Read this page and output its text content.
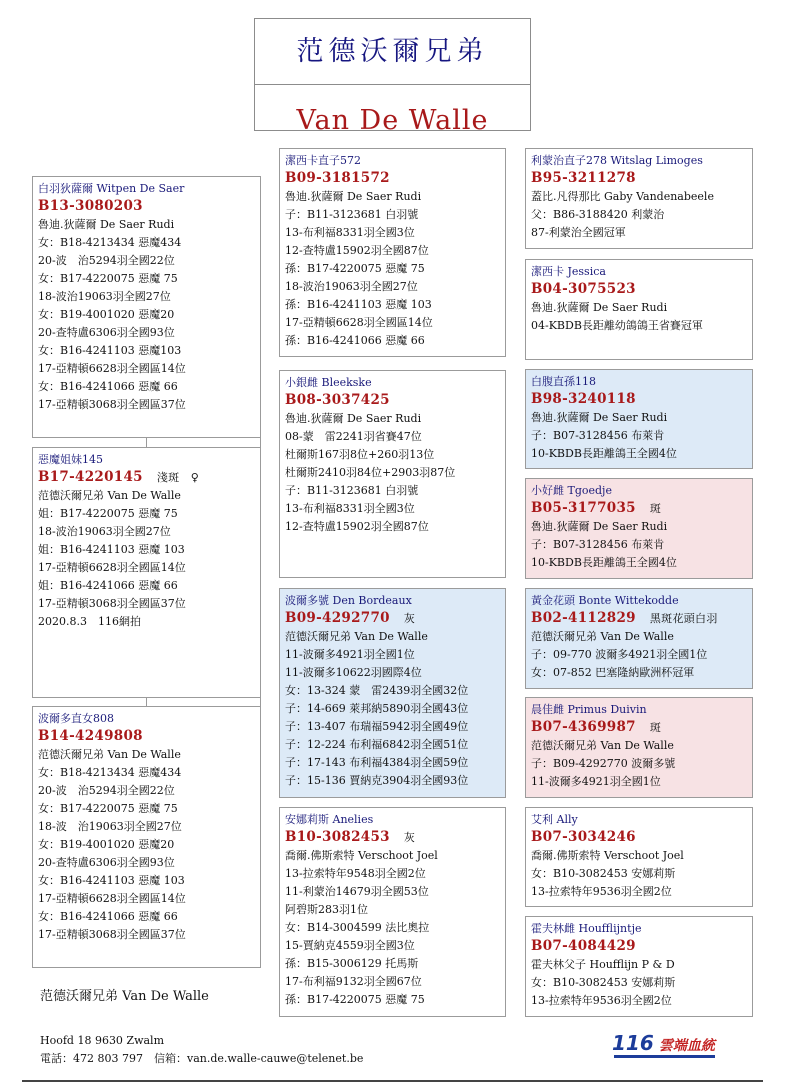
范德沃爾兄弟
Van De Walle
白羽狄薩爾 Witpen De Saer
B13-3080203
魯迪.狄薩爾 De Saer Rudi
女：B18-4213434 惡魔434
20-波　治5294羽全國22位
女：B17-4220075 惡魔 75
18-波治19063羽全國27位
女：B19-4001020 惡魔20
20-查特盧6306羽全國93位
女：B16-4241103 惡魔103
17-亞精頓6628羽全國區14位
女：B16-4241066 惡魔 66
17-亞精頓3068羽全國區37位
惡魔姐妹145
B17-4220145 淺斑　♀
范德沃爾兄弟 Van De Walle
姐：B17-4220075 惡魔 75
18-波治19063羽全國27位
姐：B16-4241103 惡魔 103
17-亞精頓6628羽全國區14位
姐：B16-4241066 惡魔 66
17-亞精頓3068羽全國區37位
2020.8.3　116網拍
波爾多直女808
B14-4249808
范德沃爾兄弟 Van De Walle
女：B18-4213434 惡魔434
20-波　治5294羽全國22位
女：B17-4220075 惡魔 75
18-波　治19063羽全國27位
女：B19-4001020 惡魔20
20-查特盧6306羽全國93位
女：B16-4241103 惡魔 103
17-亞精頓6628羽全國區14位
女：B16-4241066 惡魔 66
17-亞精頓3068羽全國區37位
潔西卡直子572
B09-3181572
魯迪.狄薩爾 De Saer Rudi
子：B11-3123681 白羽號
13-布利福8331羽全國3位
12-查特盧15902羽全國87位
孫：B17-4220075 惡魔 75
18-波治19063羽全國27位
孫：B16-4241103 惡魔 103
17-亞精頓6628羽全國區14位
孫：B16-4241066 惡魔 66
小銀雌 Bleekske
B08-3037425
魯迪.狄薩爾 De Saer Rudi
08-蒙　雷2241羽省賽47位
杜爾斯167羽8位+260羽13位
杜爾斯2410羽84位+2903羽87位
子：B11-3123681 白羽號
13-布利福8331羽全國3位
12-查特盧15902羽全國87位
波爾多號 Den Bordeaux
B09-4292770 灰
范德沃爾兄弟 Van De Walle
11-波爾多4921羽全國1位
11-波爾多10622羽國際4位
女：13-324 蒙　雷2439羽全國32位
子：14-669 萊邦納5890羽全國43位
子：13-407 布瑞福5942羽全國49位
子：12-224 布利福6842羽全國51位
子：17-143 布利福4384羽全國59位
子：15-136 賈納克3904羽全國93位
安娜莉斯 Anelies
B10-3082453 灰
喬爾.佛斯索特 Verschoot Joel
13-拉索特年9548羽全國2位
11-利蒙治14679羽全國53位
阿碧斯283羽1位
女：B14-3004599 法比奧拉
15-賈納克4559羽全國3位
孫：B15-3006129 托馬斯
17-布利福9132羽全國67位
孫：B17-4220075 惡魔 75
利蒙治直子278 Witslag Limoges
B95-3211278
蓋比.凡得那比 Gaby Vandenabeele
父：B86-3188420 利蒙治
87-利蒙治全國冠軍
潔西卡 Jessica
B04-3075523
魯迪.狄薩爾 De Saer Rudi
04-KBDB長距離幼鴿鴿王省賽冠軍
白腹直孫118
B98-3240118
魯迪.狄薩爾 De Saer Rudi
子：B07-3128456 布萊肯
10-KBDB長距離鴿王全國4位
小好雌 Tgoedje
B05-3177035 斑
魯迪.狄薩爾 De Saer Rudi
子：B07-3128456 布萊肯
10-KBDB長距離鴿王全國4位
黃金花頭 Bonte Wittekodde
B02-4112829 黑斑花頭白羽
范德沃爾兄弟 Van De Walle
子：09-770 波爾多4921羽全國1位
女：07-852 巴塞隆納歐洲杯冠軍
晨佳雌 Primus Duivin
B07-4369987 斑
范德沃爾兄弟 Van De Walle
子：B09-4292770 波爾多號
11-波爾多4921羽全國1位
艾利 Ally
B07-3034246
喬爾.佛斯索特 Verschoot Joel
女：B10-3082453 安娜莉斯
13-拉索特年9536羽全國2位
霍夫林雌 Houfflijntje
B07-4084429
霍夫林父子 Houfflijn P & D
女：B10-3082453 安娜莉斯
13-拉索特年9536羽全國2位
范德沃爾兄弟 Van De Walle
Hoofd 18 9630 Zwalm
電話：472 803 797　信箱：van.de.walle-cauwe@telenet.be
116 雲端血統
